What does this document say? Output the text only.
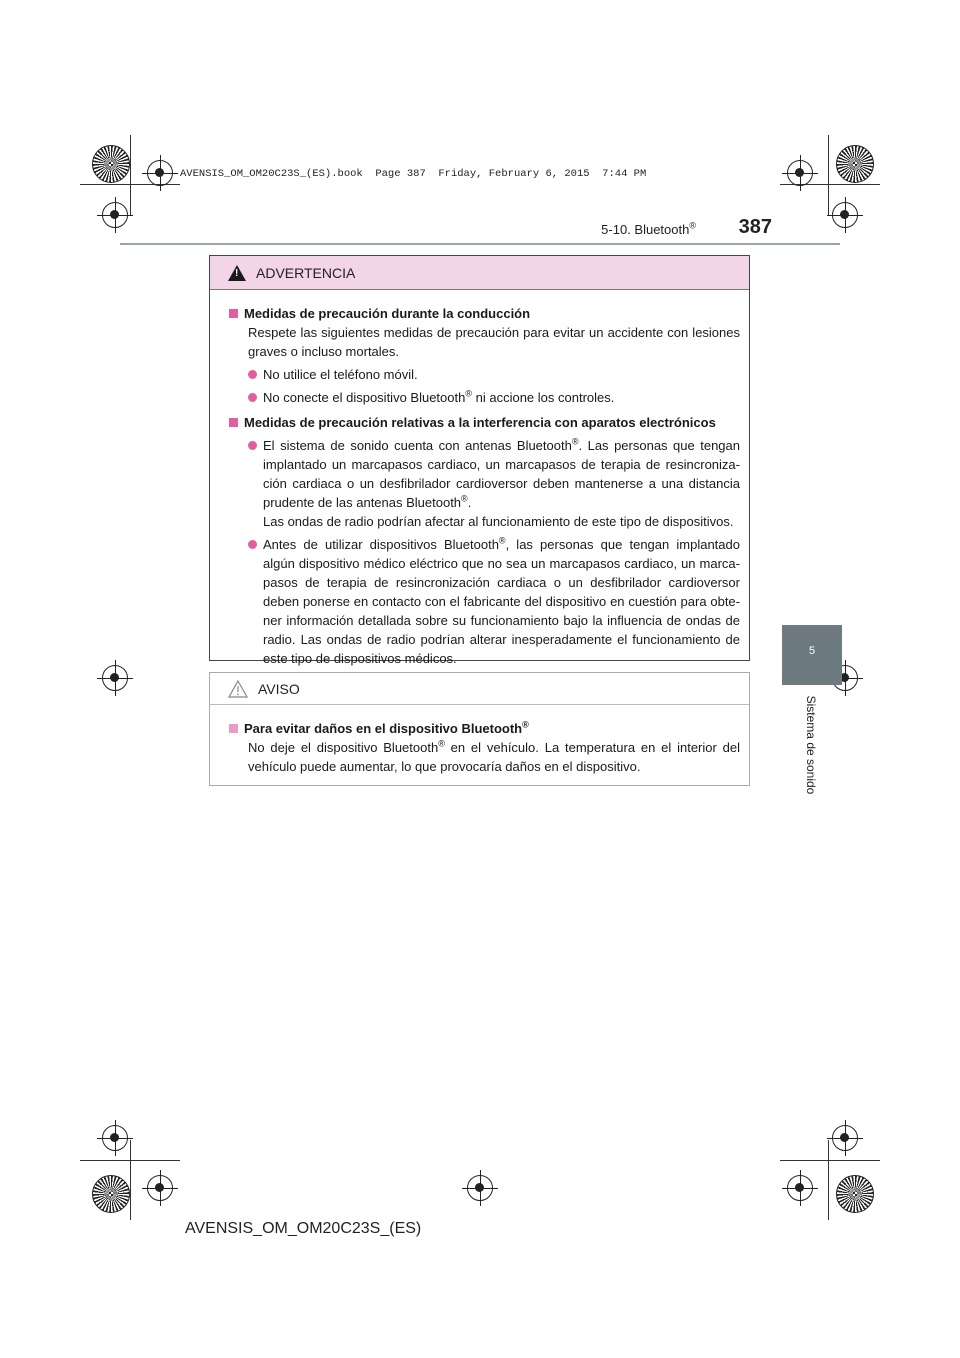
AVENSIS_OM_OM20C23S_(ES).book  Page 387  Friday, February 6, 2015  7:44 PM
5-10. Bluetooth® 387
5
Sistema de sonido
!
ADVERTENCIA
Medidas de precaución durante la conducción
Respete las siguientes medidas de precaución para evitar un accidente con lesiones graves o incluso mortales.
No utilice el teléfono móvil.
No conecte el dispositivo Bluetooth® ni accione los controles.
Medidas de precaución relativas a la interferencia con aparatos electrónicos
El sistema de sonido cuenta con antenas Bluetooth®. Las personas que tengan implantado un marcapasos cardiaco, un marcapasos de terapia de resincroniza-ción cardiaca o un desfibrilador cardioversor deben mantenerse a una distancia prudente de las antenas Bluetooth®.
Las ondas de radio podrían afectar al funcionamiento de este tipo de dispositivos.
Antes de utilizar dispositivos Bluetooth®, las personas que tengan implantado algún dispositivo médico eléctrico que no sea un marcapasos cardiaco, un marca-pasos de terapia de resincronización cardiaca o un desfibrilador cardioversor deben ponerse en contacto con el fabricante del dispositivo en cuestión para obte-ner información detallada sobre su funcionamiento bajo la influencia de ondas de radio. Las ondas de radio podrían alterar inesperadamente el funcionamiento de este tipo de dispositivos médicos.
AVISO
Para evitar daños en el dispositivo Bluetooth®
No deje el dispositivo Bluetooth® en el vehículo. La temperatura en el interior del vehículo puede aumentar, lo que provocaría daños en el dispositivo.
AVENSIS_OM_OM20C23S_(ES)
